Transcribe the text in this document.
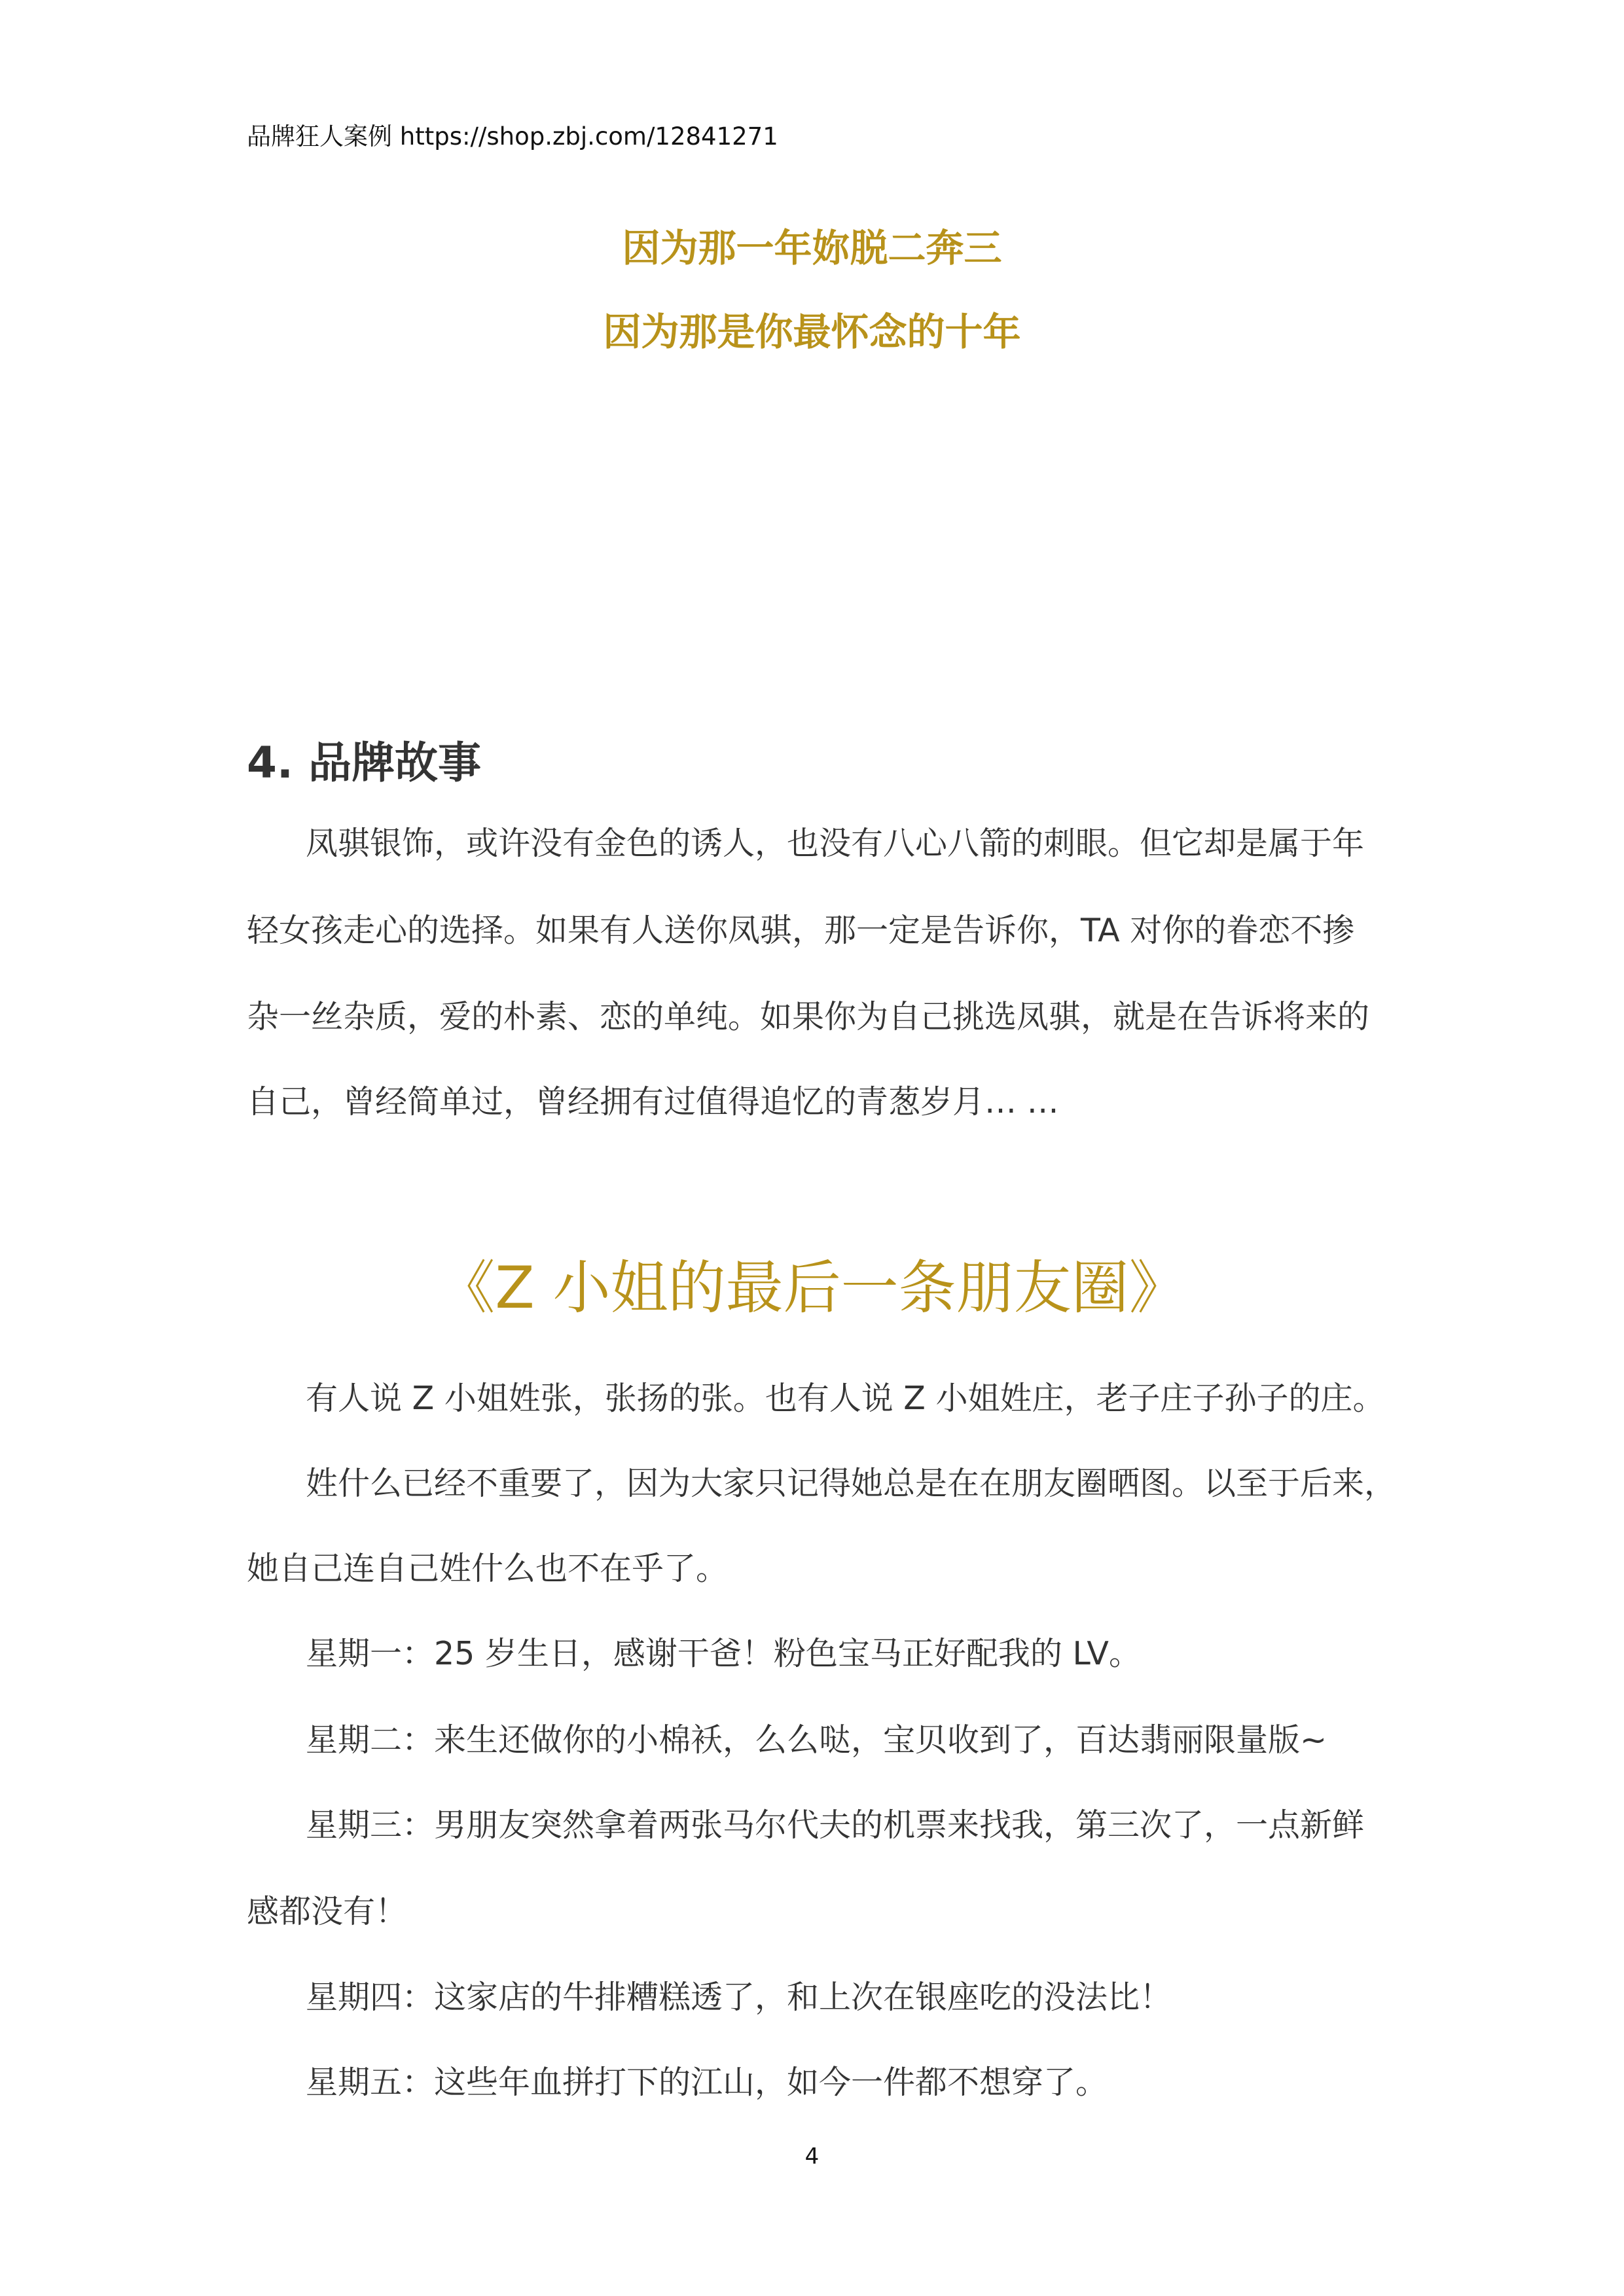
品牌狂人案例 https://shop.zbj.com/12841271
因为那一年妳脱二奔三
因为那是你最怀念的十年
4. 品牌故事
凤骐银饰，或许没有金色的诱人，也没有八心八箭的刺眼。但它却是属于年
轻女孩走心的选择。如果有人送你凤骐，那一定是告诉你，TA 对你的眷恋不掺
杂一丝杂质，爱的朴素、恋的单纯。如果你为自己挑选凤骐，就是在告诉将来的
自己，曾经简单过，曾经拥有过值得追忆的青葱岁月… …
《Z 小姐的最后一条朋友圈》
有人说 Z 小姐姓张，张扬的张。也有人说 Z 小姐姓庄，老子庄子孙子的庄。
姓什么已经不重要了，因为大家只记得她总是在在朋友圈晒图。以至于后来，
她自己连自己姓什么也不在乎了。
星期一：25 岁生日，感谢干爸！粉色宝马正好配我的 LV。
星期二：来生还做你的小棉袄，么么哒，宝贝收到了，百达翡丽限量版~
星期三：男朋友突然拿着两张马尔代夫的机票来找我，第三次了，一点新鲜
感都没有！
星期四：这家店的牛排糟糕透了，和上次在银座吃的没法比！
星期五：这些年血拼打下的江山，如今一件都不想穿了。
4
